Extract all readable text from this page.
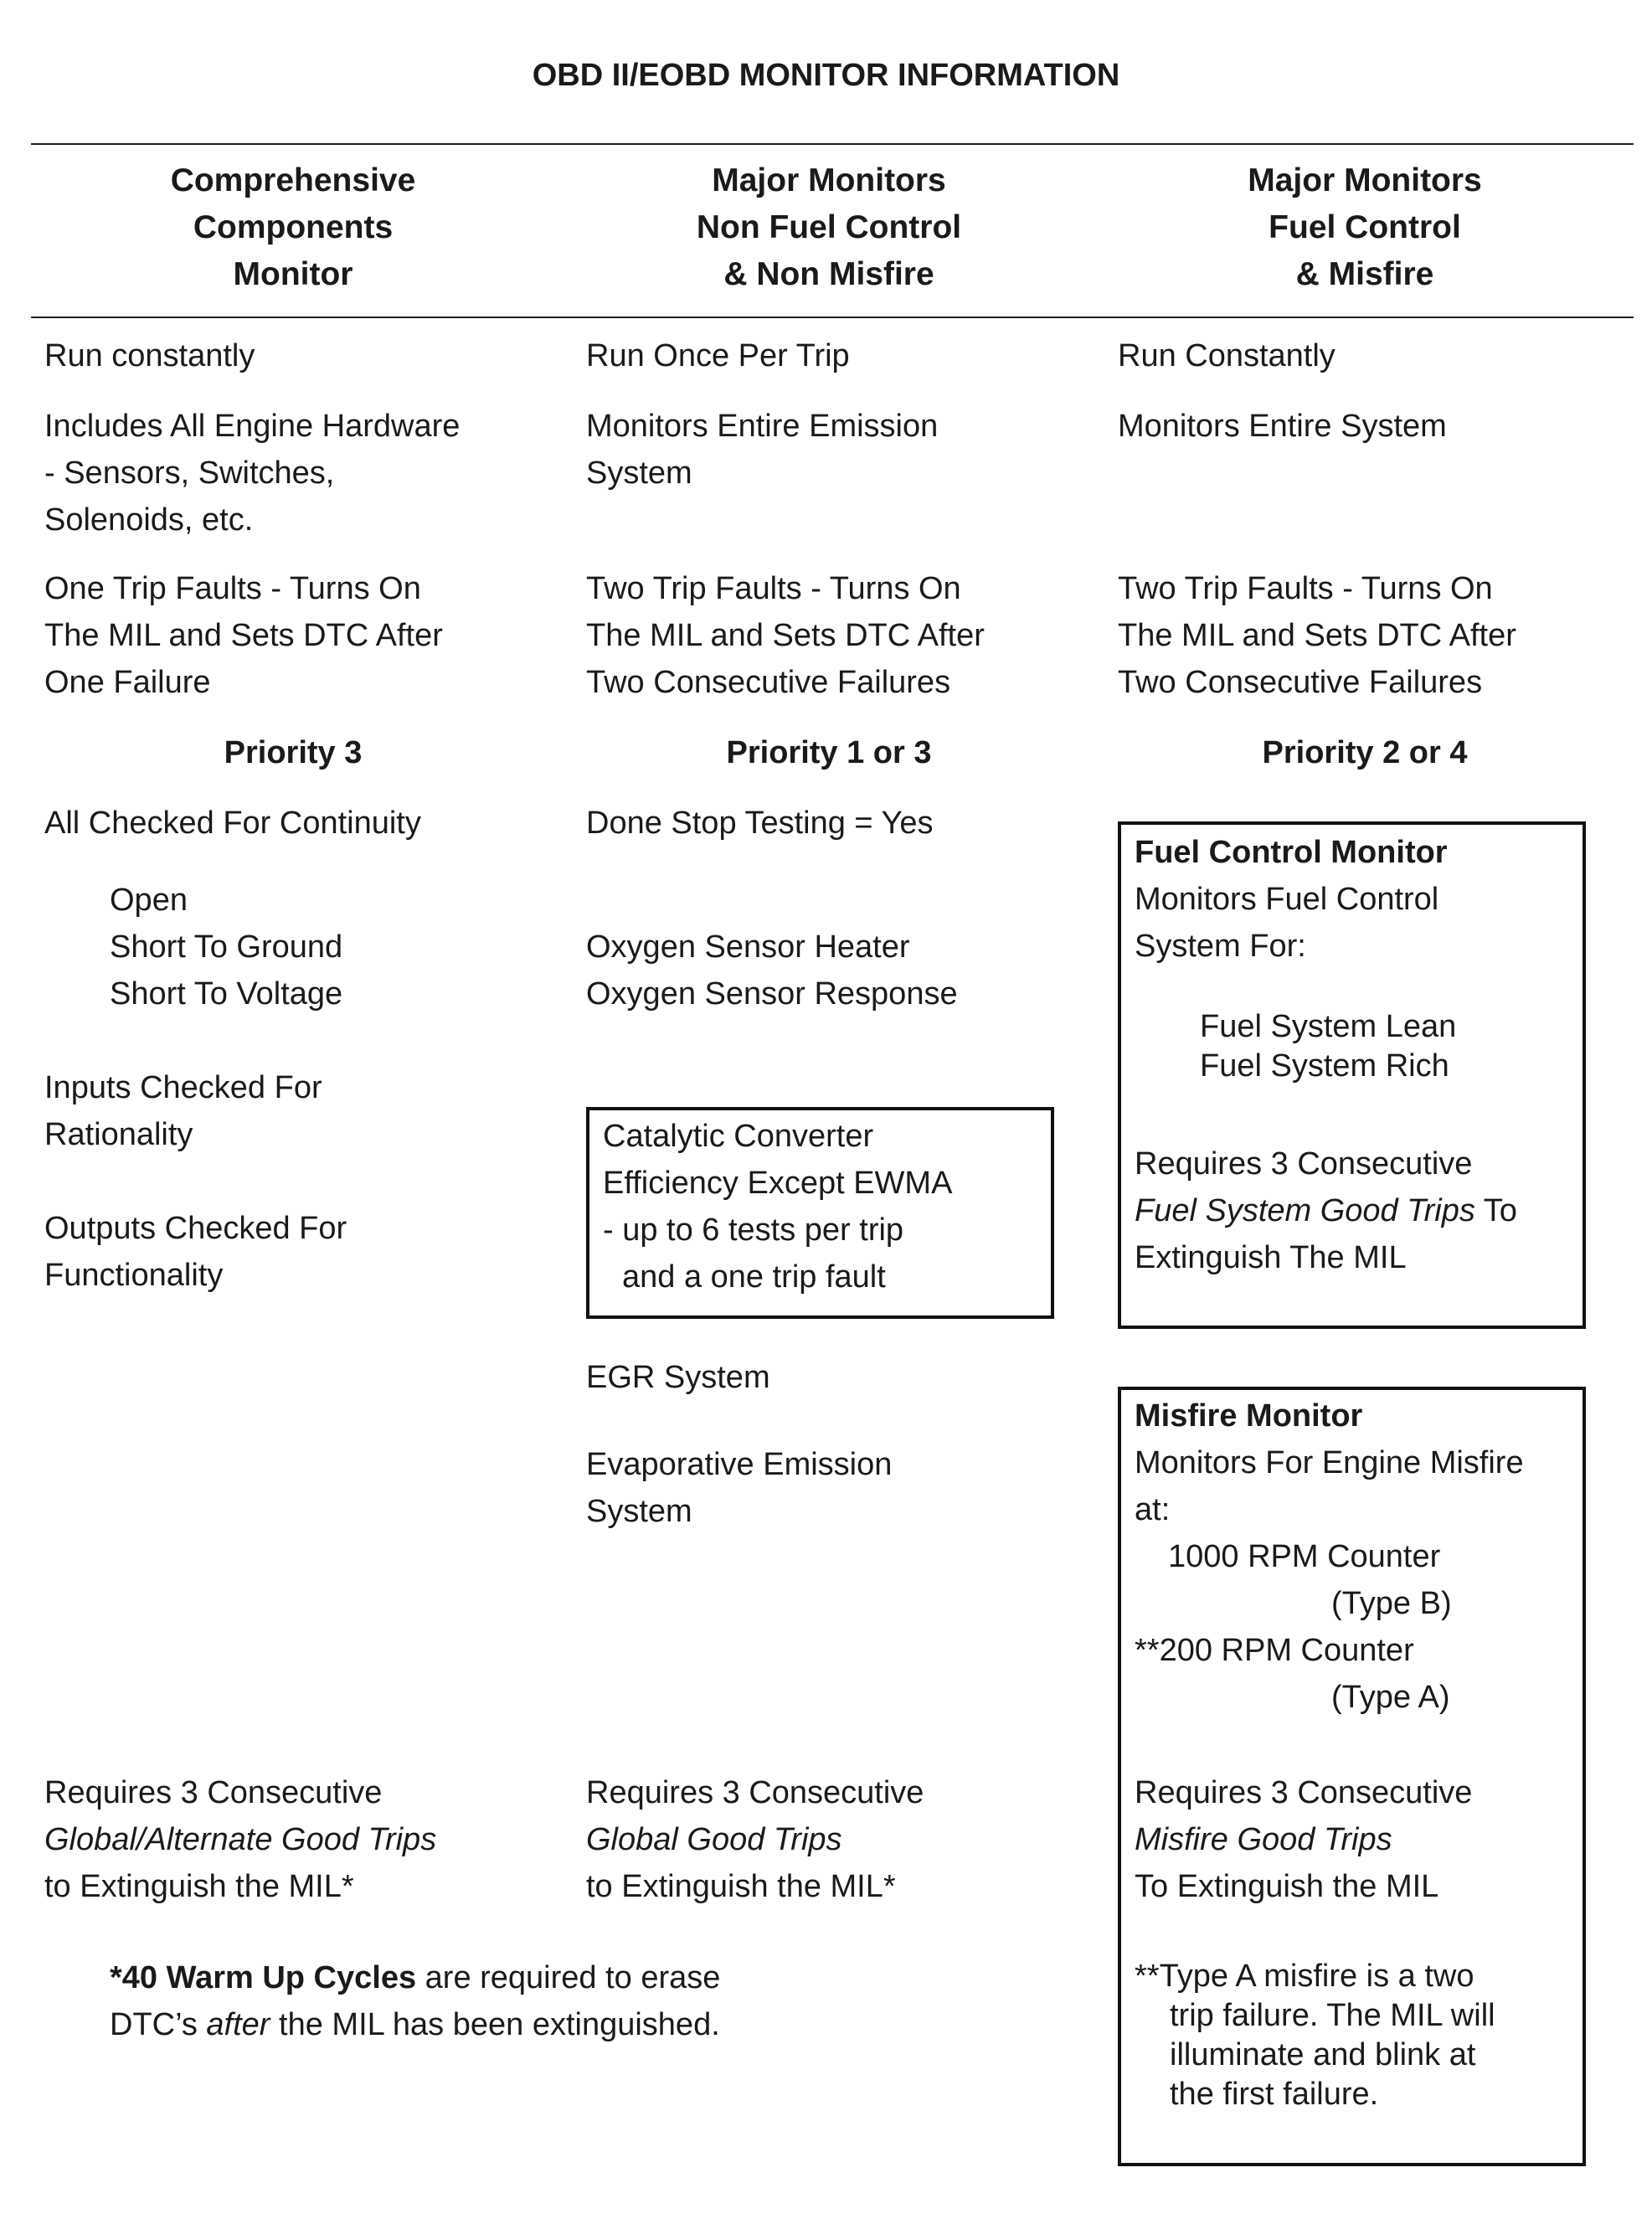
OBD II/EOBD MONITOR INFORMATION
Comprehensive
Components
Monitor
Major Monitors
Non Fuel Control
& Non Misfire
Major Monitors
Fuel Control
& Misfire
Run constantly
Includes All Engine Hardware
- Sensors, Switches,
Solenoids, etc.
One Trip Faults - Turns On
The MIL and Sets DTC After
One Failure
Priority 3
All Checked For Continuity
Open
Short To Ground
Short To Voltage
Inputs Checked For
Rationality
Outputs Checked For
Functionality
Requires 3 Consecutive
Global/Alternate Good Trips
to Extinguish the MIL*
Run Once Per Trip
Monitors Entire Emission
System
Two Trip Faults - Turns On
The MIL and Sets DTC After
Two Consecutive Failures
Priority 1 or 3
Done Stop Testing = Yes
Oxygen Sensor Heater
Oxygen Sensor Response
Catalytic Converter
Efficiency Except EWMA
- up to 6 tests per trip
and a one trip fault
EGR System
Evaporative Emission
System
Requires 3 Consecutive
Global Good Trips
to Extinguish the MIL*
Run Constantly
Monitors Entire System
Two Trip Faults - Turns On
The MIL and Sets DTC After
Two Consecutive Failures
Priority 2 or 4
Fuel Control Monitor
Monitors Fuel Control
System For:
Fuel System Lean
Fuel System Rich
Requires 3 Consecutive
Fuel System Good Trips To
Extinguish The MIL
Misfire Monitor
Monitors For Engine Misfire
at:
1000 RPM Counter
(Type B)
**200 RPM Counter
(Type A)
Requires 3 Consecutive
Misfire Good Trips
To Extinguish the MIL
**Type A misfire is a two
trip failure. The MIL will
illuminate and blink at
the first failure.
*40 Warm Up Cycles are required to erase
DTC’s after the MIL has been extinguished.
